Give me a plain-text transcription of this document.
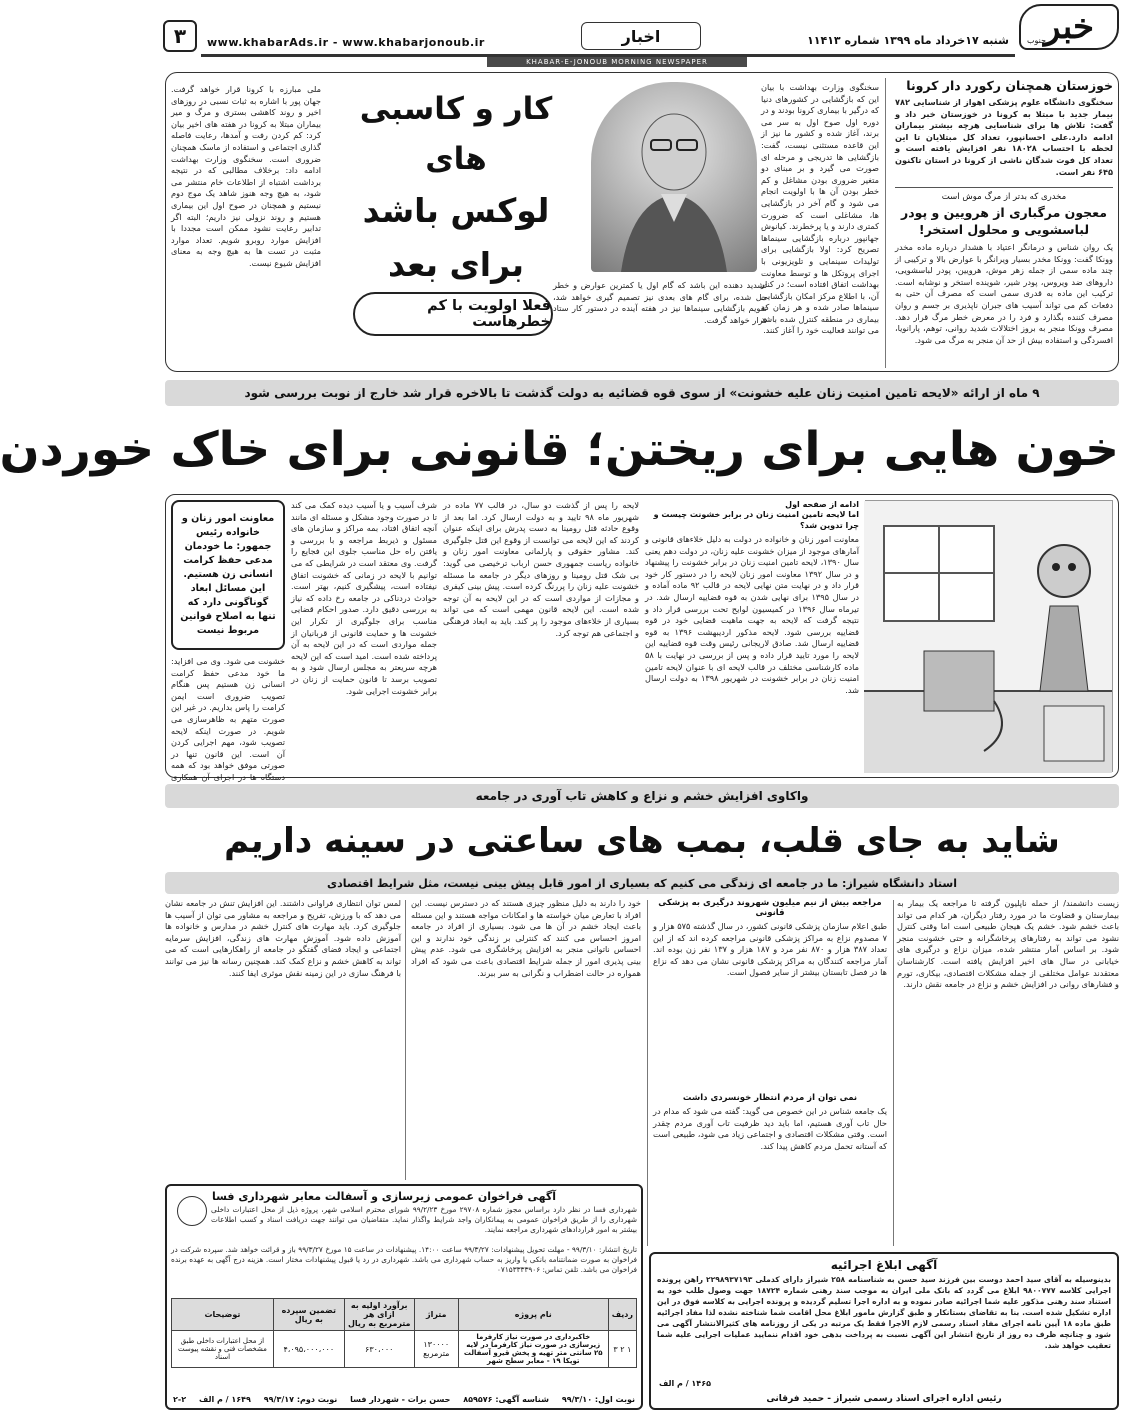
خبر
جنوب
شنبه ۱۷خرداد ماه ۱۳۹۹ شماره ۱۱۴۱۳
اخبار
www.khabarAds.ir - www.khabarjonoub.ir
۳
KHABAR-E-JONOUB MORNING NEWSPAPER
خوزستان همچنان رکورد دار کرونا
سخنگوی دانشگاه علوم پزشکی اهواز از شناسایی ۷۸۲ بیمار جدید با مبتلا به کرونا در خوزستان خبر داد و گفت: تلاش ها برای شناسایی هرچه بیشتر بیماران ادامه دارد.علی احسانپور، تعداد کل مبتلایان تا این لحظه با احتساب ۱۸۰۲۸ نفر افزایش یافته است و تعداد کل فوت شدگان ناشی از کرونا در استان تاکنون ۶۴۵ نفر است.
مخدری که بدتر از مرگ موش است
معجون مرگباری از هرویین و پودر لباسشویی و محلول استخر!
یک روان شناس و درمانگر اعتیاد با هشدار درباره ماده مخدر وونکا گفت: وونکا مخدر بسیار ویرانگر با عوارض بالا و ترکیبی از چند ماده سمی از جمله زهر موش، هرویین، پودر لباسشویی، داروهای ضد ویروس، پودر شیر، شوینده استخر و نوشابه است. ترکیب این ماده به قدری سمی است که مصرف آن حتی به دفعات کم می تواند آسیب های جبران ناپذیری بر جسم و روان مصرف کننده بگذارد و فرد را در معرض خطر مرگ قرار دهد. مصرف وونکا منجر به بروز اختلالات شدید روانی، توهم، پارانویا، افسردگی و استفاده بیش از حد آن منجر به مرگ می شود.
سخنگوی وزارت بهداشت با بیان این که بازگشایی در کشورهای دنیا که درگیر با بیماری کرونا بودند و در دوره اول صوح اول به سر می برند، آغاز شده و کشور ما نیز از این قاعده مستثنی نیست، گفت: بازگشایی ها تدریجی و مرحله ای صورت می گیرد و بر مبنای دو متغیر ضروری بودن مشاغل و کم خطر بودن آن ها با اولویت انجام می شود و گام آخر در بازگشایی ها، مشاغلی است که ضرورت کمتری دارند و یا پرخطرند. کیانوش جهانپور درباره بازگشایی سینماها تصریح کرد: اولا بازگشایی برای تولیدات سینمایی و تلویزیونی با اجرای پروتکل ها و توسط معاونت بهداشت اتفاق افتاده است؛ در کنار آن، با اطلاع مرکز امکان بازگشایی سینماها صادر شده و هر زمان که بیماری در منطقه کنترل شده باشد می توانند فعالیت خود را آغاز کنند.
تشدید دهنده این باشد که گام اول یا کمترین عوارض و خطر حل شده، برای گام های بعدی نیز تصمیم گیری خواهد شد، تقویم بازگشایی سینماها نیز در هفته آینده در دستور کار ستاد قرار خواهد گرفت.
کار و کاسبی های
لوکس باشد
برای بعد
فعلا اولویت با کم خطرهاست
ملی مبارزه با کرونا قرار خواهد گرفت. جهان پور با اشاره به ثبات نسبی در روزهای اخیر و روند کاهشی بستری و مرگ و میر بیماران مبتلا به کرونا در هفته های اخیر بیان کرد: کم کردن رفت و آمدها، رعایت فاصله گذاری اجتماعی و استفاده از ماسک همچنان ضروری است. سخنگوی وزارت بهداشت ادامه داد: برخلاف مطالبی که در نتیجه برداشت اشتباه از اطلاعات خام منتشر می شود، به هیچ وجه هنوز شاهد یک موج دوم نیستیم و همچنان در صوح اول این بیماری هستیم و روند نزولی نیز داریم؛ البته اگر تدابیر رعایت نشود ممکن است مجددا با افزایش موارد روبرو شویم. تعداد موارد مثبت در تست ها به هیچ وجه به معنای افزایش شیوع نیست.
۹ ماه از ارائه «لایحه تامین امنیت زنان علیه خشونت» از سوی قوه قضائیه به دولت گذشت تا بالاخره قرار شد خارج از نوبت بررسی شود
خون هایی برای ریختن؛ قانونی برای خاک خوردن
ادامه از صفحه اول
اما لایحه تامین امنیت زنان در برابر خشونت چیست و چرا تدوین شد؟
معاونت امور زنان و خانواده در دولت به دلیل خلاءهای قانونی و آمارهای موجود از میزان خشونت علیه زنان، در دولت دهم یعنی سال ۱۳۹۰، لایحه تامین امنیت زنان در برابر خشونت را پیشنهاد و در سال ۱۳۹۲ معاونت امور زنان لایحه را در دستور کار خود قرار داد و در نهایت متن نهایی لایحه در قالب ۹۲ ماده آماده و در سال ۱۳۹۵ برای نهایی شدن به قوه قضاییه ارسال شد. در تیرماه سال ۱۳۹۶ در کمیسیون لوایح تحت بررسی قرار داد و نتیجه گرفت که لایحه به جهت ماهیت قضایی خود در قوه قضاییه بررسی شود. لایحه مذکور اردیبهشت ۱۳۹۶ به قوه قضاییه ارسال شد. صادق لاریجانی رئیس وقت قوه قضاییه این لایحه را مورد تایید قرار داده و پس از بررسی در نهایت با ۵۸ ماده کارشناسی مختلف در قالب لایحه ای با عنوان لایحه تامین امنیت زنان در برابر خشونت در شهریور ۱۳۹۸ به دولت ارسال شد.
لایحه را پس از گذشت دو سال، در قالب ۷۷ ماده در شهریور ماه ۹۸ تایید و به دولت ارسال کرد. اما بعد از وقوع حادثه قتل رومینا به دست پدرش برای اینکه عنوان کردند که این لایحه می توانست از وقوع این قتل جلوگیری کند. مشاور حقوقی و پارلمانی معاونت امور زنان و خانواده ریاست جمهوری حسن ارباب ترخیصی می گوید: بی شک قتل رومینا و روزهای دیگر در جامعه ما مسئله خشونت علیه زنان را پررنگ کرده است. پیش بینی کیفری و مجازات از مواردی است که در این لایحه به آن توجه شده است. این لایحه قانون مهمی است که می تواند بسیاری از خلاءهای موجود را پر کند. باید به ابعاد فرهنگی و اجتماعی هم توجه کرد.
شرف آسیب و یا آسیب دیده کمک می کند تا در صورت وجود مشکل و مسئله ای مانند آنچه اتفاق افتاد، بمه مراکز و سازمان های مسئول و ذیربط مراجعه و با بررسی و یافتن راه حل مناسب جلوی این فجایع را گرفت. وی معتقد است در شرایطی که می توانیم با لایحه در زمانی که خشونت اتفاق نیفتاده است، پیشگیری کنیم، بهتر است. حوادث دردناکی در جامعه رخ داده که نیاز به بررسی دقیق دارد. صدور احکام قضایی مناسب برای جلوگیری از تکرار این خشونت ها و حمایت قانونی از قربانیان از جمله مواردی است که در این لایحه به آن پرداخته شده است. امید است که این لایحه هرچه سریعتر به مجلس ارسال شود و به تصویب برسد تا قانون حمایت از زنان در برابر خشونت اجرایی شود.
معاونت امور زنان و خانواده رئیس جمهور: ما خودمان مدعی حفظ کرامت انسانی زن هستیم. این مسائل ابعاد گوناگونی دارد که تنها به اصلاح قوانین مربوط نیست
خشونت می شود. وی می افزاید: ما خود مدعی حفظ کرامت انسانی زن هستیم پس هنگام تصویب ضروری است ایمن کرامت را پاس بداریم. در غیر این صورت متهم به ظاهرسازی می شویم. در صورت اینکه لایحه تصویب شود، مهم اجرایی کردن آن است. این قانون تنها در صورتی موفق خواهد بود که همه دستگاه ها در اجرای آن همکاری
واکاوی افزایش خشم و نزاع و کاهش تاب آوری در جامعه
شاید به جای قلب، بمب های ساعتی در سینه داریم
استاد دانشگاه شیراز: ما در جامعه ای زندگی می کنیم که بسیاری از امور قابل پیش بینی نیست، مثل شرایط اقتصادی
زیست دانشمند/ از حمله ناپلیون گرفته تا مراجعه یک بیمار به بیمارستان و قضاوت ما در مورد رفتار دیگران، هر کدام می تواند باعث خشم شود. خشم یک هیجان طبیعی است اما وقتی کنترل نشود می تواند به رفتارهای پرخاشگرانه و حتی خشونت منجر شود. بر اساس آمار منتشر شده، میزان نزاع و درگیری های خیابانی در سال های اخیر افزایش یافته است. کارشناسان معتقدند عوامل مختلفی از جمله مشکلات اقتصادی، بیکاری، تورم و فشارهای روانی در افزایش خشم و نزاع در جامعه نقش دارند.
مراجعه بیش از نیم میلیون شهروند درگیری به پزشکی قانونی
طبق اعلام سازمان پزشکی قانونی کشور، در سال گذشته ۵۷۵ هزار و ۷ مصدوم نزاع به مراکز پزشکی قانونی مراجعه کرده اند که از این تعداد ۳۸۷ هزار و ۸۷۰ نفر مرد و ۱۸۷ هزار و ۱۳۷ نفر زن بوده اند. آمار مراجعه کنندگان به مراکز پزشکی قانونی نشان می دهد که نزاع ها در فصل تابستان بیشتر از سایر فصول است.
نمی توان از مردم انتظار خونسردی داشت
یک جامعه شناس در این خصوص می گوید: گفته می شود که مدام در حال تاب آوری هستیم، اما باید دید ظرفیت تاب آوری مردم چقدر است. وقتی مشکلات اقتصادی و اجتماعی زیاد می شود، طبیعی است که آستانه تحمل مردم کاهش پیدا کند.
خود را دارند به دلیل منظور چیزی هستند که در دسترس نیست. این افراد با تعارض میان خواسته ها و امکانات مواجه هستند و این مسئله باعث ایجاد خشم در آن ها می شود. بسیاری از افراد در جامعه امروز احساس می کنند که کنترلی بر زندگی خود ندارند و این احساس ناتوانی منجر به افزایش پرخاشگری می شود. عدم پیش بینی پذیری امور از جمله شرایط اقتصادی باعث می شود که افراد همواره در حالت اضطراب و نگرانی به سر ببرند.
لمس توان انتظاری فراوانی داشتند. این افزایش تنش در جامعه نشان می دهد که با ورزش، تفریح و مراجعه به مشاور می توان از آسیب ها جلوگیری کرد. باید مهارت های کنترل خشم در مدارس و خانواده ها آموزش داده شود. آموزش مهارت های زندگی، افزایش سرمایه اجتماعی و ایجاد فضای گفتگو در جامعه از راهکارهایی است که می تواند به کاهش خشم و نزاع کمک کند. همچنین رسانه ها نیز می توانند با فرهنگ سازی در این زمینه نقش موثری ایفا کنند.
آگهی فراخوان عمومی زیرسازی و آسفالت معابر شهرداری فسا
شهرداری فسا در نظر دارد براساس مجوز شماره ۲۹۷۰۸ مورخ ۹۹/۲/۲۳ شورای محترم اسلامی شهر، پروژه ذیل از محل اعتبارات داخلی شهرداری را از طریق فراخوان عمومی به پیمانکاران واجد شرایط واگذار نماید. متقاضیان می توانند جهت دریافت اسناد و کسب اطلاعات بیشتر به امور قراردادهای شهرداری مراجعه نمایند.
تاریخ انتشار: ۹۹/۳/۱۰ - مهلت تحویل پیشنهادات: ۹۹/۳/۲۷ ساعت ۱۴:۰۰. پیشنهادات در ساعت ۱۵ مورخ ۹۹/۳/۲۷ باز و قرائت خواهد شد. سپرده شرکت در فراخوان به صورت ضمانتنامه بانکی یا واریز به حساب شهرداری می باشد. شهرداری در رد یا قبول پیشنهادات مختار است. هزینه درج آگهی به عهده برنده فراخوان می باشد. تلفن تماس: ۰۷۱۵۳۳۳۳۹۰۶
ردیف	نام پروژه	متراژ	برآورد اولیه به ازای هر مترمربع به ریال	تضمین سپرده به ریال	توضیحات
۱ ۲ ۳	خاکبرداری در صورت نیاز کارفرما زیرسازی در صورت نیاز کارفرما در لایه ۲۵ سانتی متر تهیه و پخش قیرو آسفالت توپکا ۱۹ - معابر سطح شهر	۱۳۰۰۰۰ مترمربع	۶۳۰،۰۰۰	۴،۰۹۵،۰۰۰،۰۰۰	از محل اعتبارات داخلی طبق مشخصات فنی و نقشه پیوست اسناد
نوبت اول: ۹۹/۳/۱۰
شناسه آگهی: ۸۵۹۵۷۶
حسن برات - شهردار فسا
نوبت دوم: ۹۹/۳/۱۷
۱۶۴۹ / م الف
۲-۲
آگهی ابلاغ اجرائیه
بدینوسیله به آقای سید احمد دوست بین فرزند سید حسن به شناسنامه ۲۵۸ شیراز دارای کدملی ۲۲۹۸۹۳۷۱۹۳ راهن پرونده اجرایی کلاسه ۹۸۰۰۷۷۷ ابلاغ می گردد که بانک ملی ایران به موجب سند رهنی شماره ۱۸۷۲۴ جهت وصول طلب خود به استناد سند رهنی مذکور علیه شما اجرائیه صادر نموده و به اداره اجرا تسلیم گردیده و پرونده اجرایی به کلاسه فوق در این اداره تشکیل شده است. بنا به تقاضای بستانکار و طبق گزارش مامور ابلاغ محل اقامت شما شناخته نشده لذا مفاد اجرائیه طبق ماده ۱۸ آیین نامه اجرای مفاد اسناد رسمی لازم الاجرا فقط یک مرتبه در یکی از روزنامه های کثیرالانتشار آگهی می شود و چنانچه ظرف ده روز از تاریخ انتشار این آگهی نسبت به پرداخت بدهی خود اقدام ننمایید عملیات اجرایی علیه شما تعقیب خواهد شد.
۱۴۶۵ / م الف
رئیس اداره اجرای اسناد رسمی شیراز - حمید فرقانی
